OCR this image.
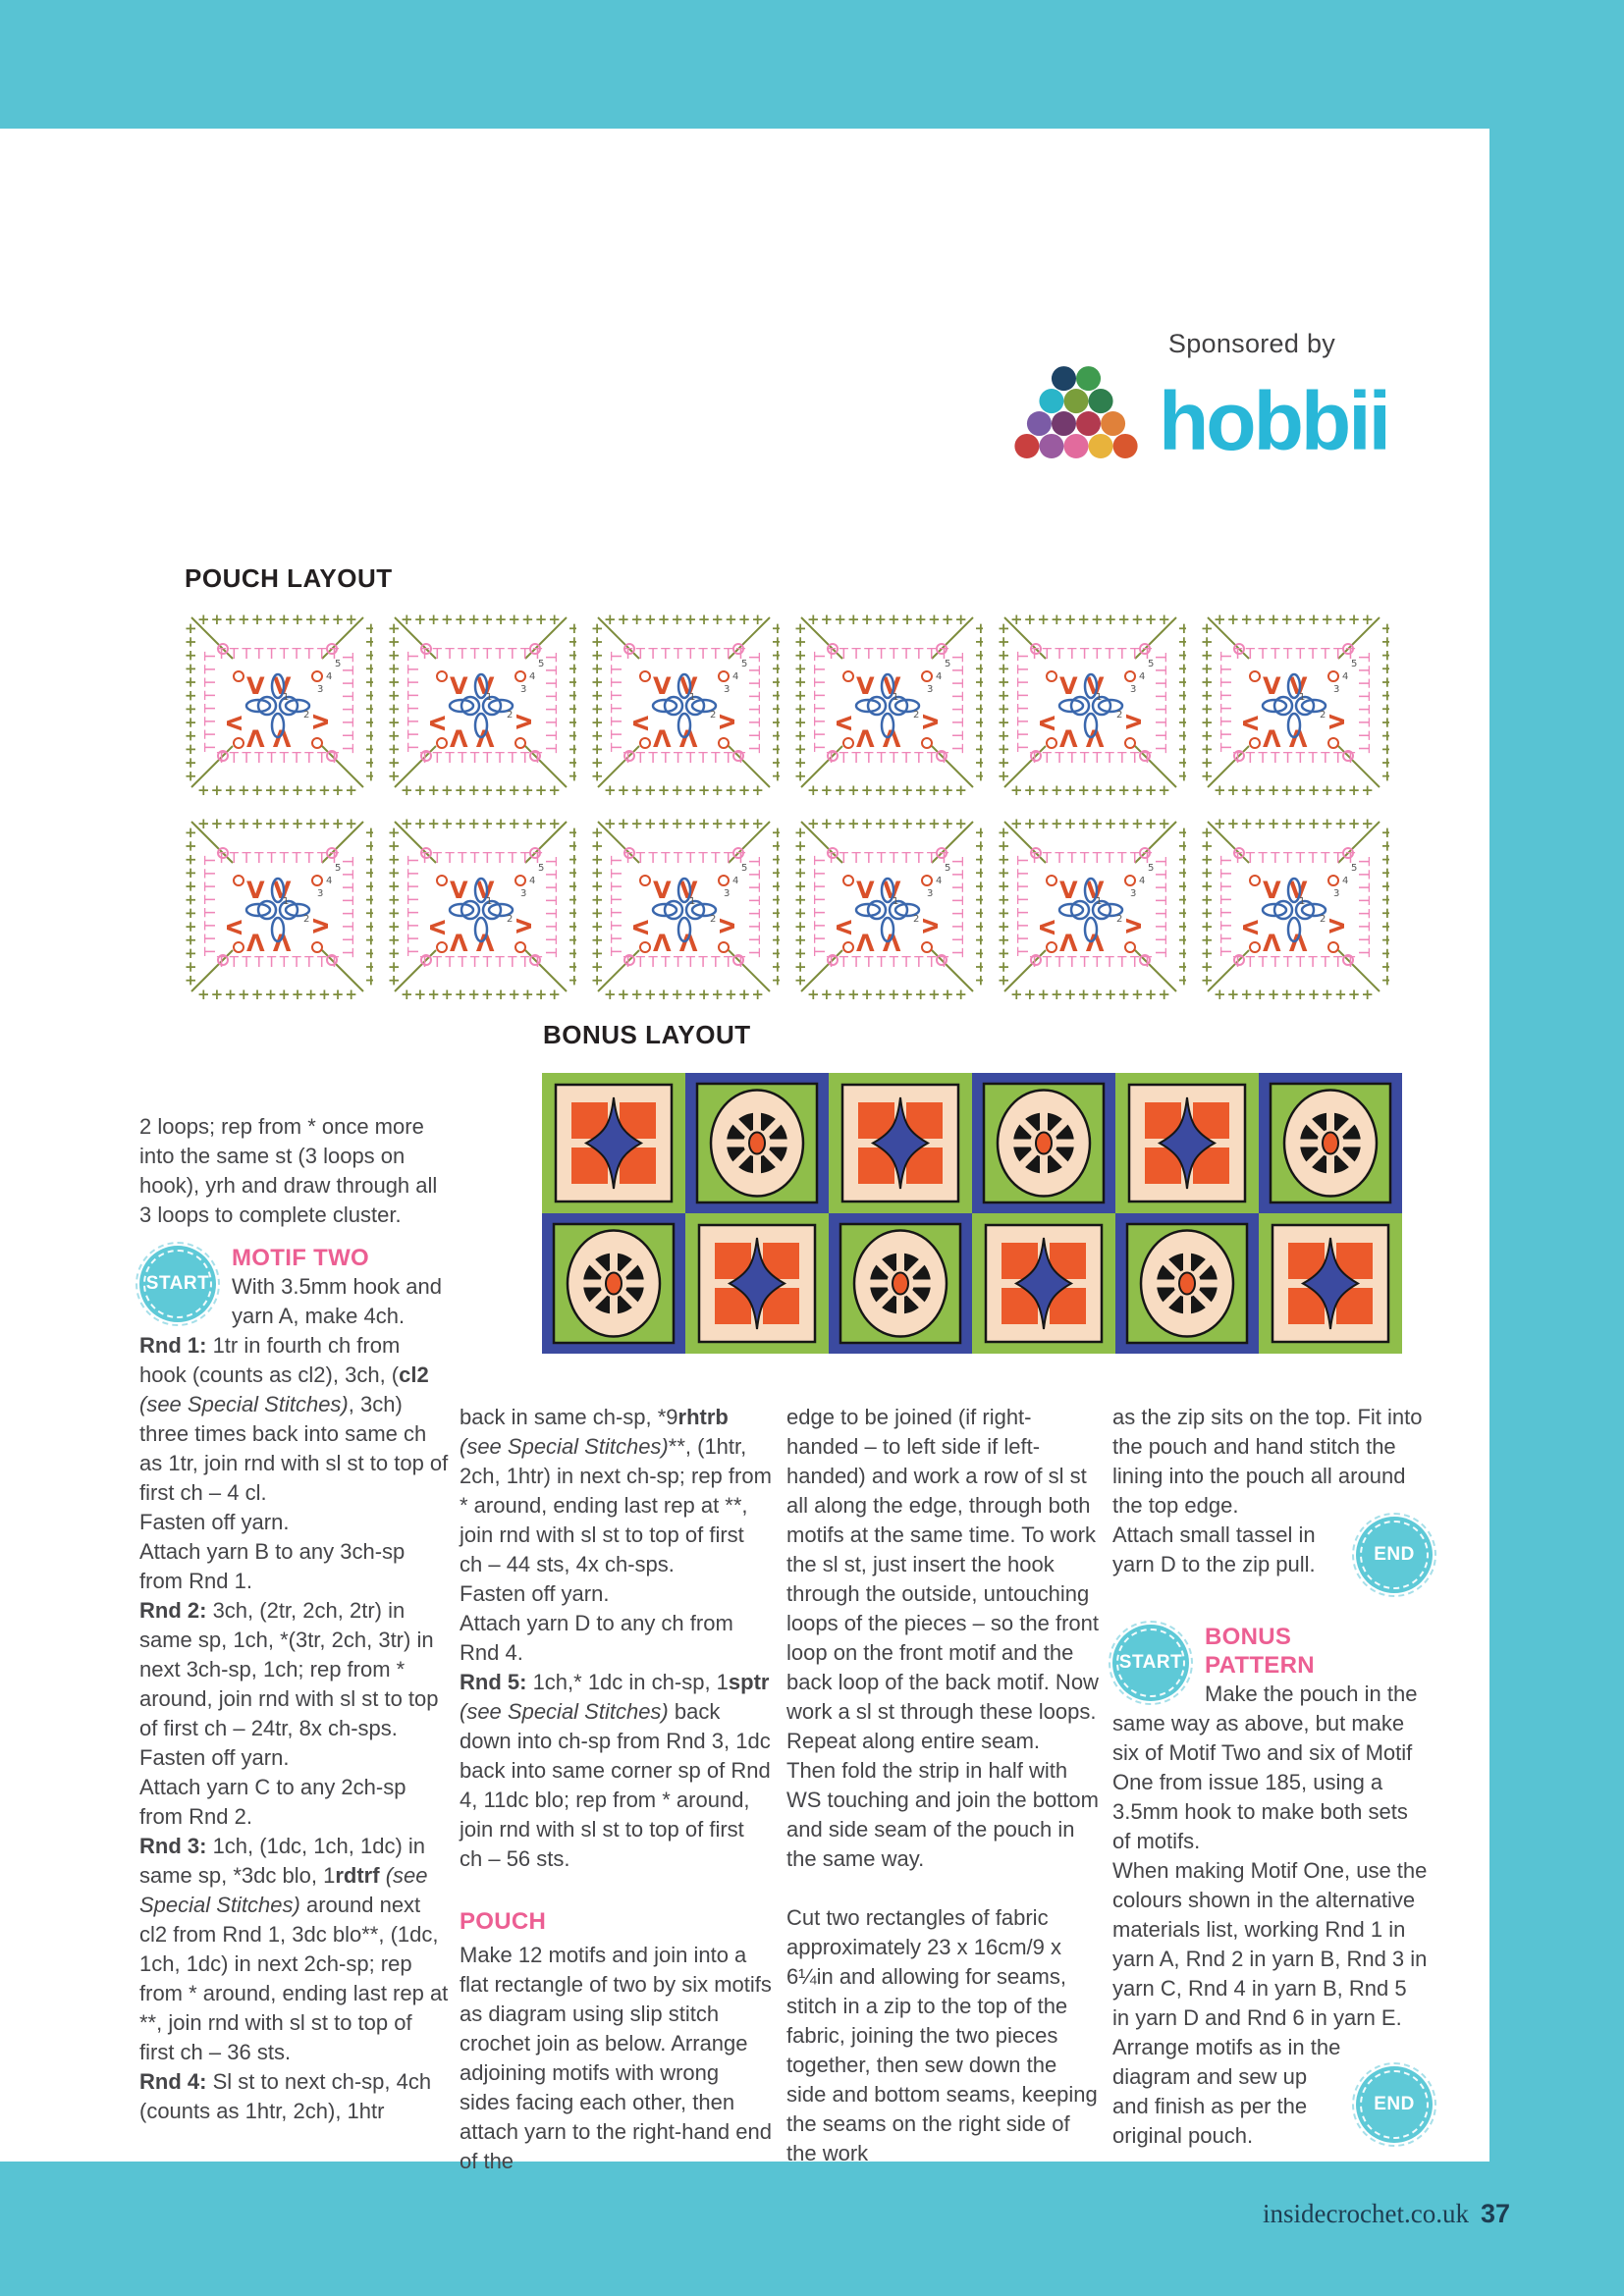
Sponsored by
hobbii
POUCH LAYOUT
BONUS LAYOUT

2 loops; rep from * once more into the same st (3 loops on hook), yrh and draw through all 3 loops to complete cluster.

START
MOTIF TWO

With 3.5mm hook and yarn A, make 4ch.

Rnd 1: 1tr in fourth ch from hook (counts as cl2), 3ch, (cl2 (see Special Stitches), 3ch) three times back into same ch as 1tr, join rnd with sl st to top of first ch – 4 cl.

Fasten off yarn.

Attach yarn B to any 3ch-sp from Rnd 1.

Rnd 2: 3ch, (2tr, 2ch, 2tr) in same sp, 1ch, *(3tr, 2ch, 3tr) in next 3ch-sp, 1ch; rep from * around, join rnd with sl st to top of first ch – 24tr, 8x ch-sps.

Fasten off yarn.

Attach yarn C to any 2ch-sp from Rnd 2.

Rnd 3: 1ch, (1dc, 1ch, 1dc) in same sp, *3dc blo, 1rdtrf (see Special Stitches) around next cl2 from Rnd 1, 3dc blo**, (1dc, 1ch, 1dc) in next 2ch-sp; rep from * around, ending last rep at **, join rnd with sl st to top of first ch – 36 sts.

Rnd 4: Sl st to next ch-sp, 4ch (counts as 1htr, 2ch), 1htr

back in same ch-sp, *9rhtrb (see Special Stitches)**, (1htr, 2ch, 1htr) in next ch-sp; rep from * around, ending last rep at **, join rnd with sl st to top of first ch – 44 sts, 4x ch-sps.

Fasten off yarn.

Attach yarn D to any ch from Rnd 4.

Rnd 5: 1ch,* 1dc in ch-sp, 1sptr (see Special Stitches) back down into ch-sp from Rnd 3, 1dc back into same corner sp of Rnd 4, 11dc blo; rep from * around, join rnd with sl st to top of first ch – 56 sts.

POUCH

Make 12 motifs and join into a flat rectangle of two by six motifs as diagram using slip stitch crochet join as below. Arrange adjoining motifs with wrong sides facing each other, then attach yarn to the right-hand end of the

edge to be joined (if right-handed – to left side if left-handed) and work a row of sl st all along the edge, through both motifs at the same time. To work the sl st, just insert the hook through the outside, untouching loops of the pieces – so the front loop on the front motif and the back loop of the back motif. Now work a sl st through these loops. Repeat along entire seam.

Then fold the strip in half with WS touching and join the bottom and side seam of the pouch in the same way.

Cut two rectangles of fabric approximately 23 x 16cm/9 x 6¼in and allowing for seams, stitch in a zip to the top of the fabric, joining the two pieces together, then sew down the side and bottom seams, keeping the seams on the right side of the work

as the zip sits on the top. Fit into the pouch and hand stitch the lining into the pouch all around the top edge.

Attach small tassel in yarn D to the zip pull.	END
START
BONUS PATTERN

Make the pouch in the same way as above, but make six of Motif Two and six of Motif One from issue 185, using a 3.5mm hook to make both sets of motifs.

When making Motif One, use the colours shown in the alternative materials list, working Rnd 1 in yarn A, Rnd 2 in yarn B, Rnd 3 in yarn C, Rnd 4 in yarn B, Rnd 5 in yarn D and Rnd 6 in yarn E. Arrange motifs as in the

diagram and sew up and finish as per the original pouch.
END
insidecrochet.co.uk 37
